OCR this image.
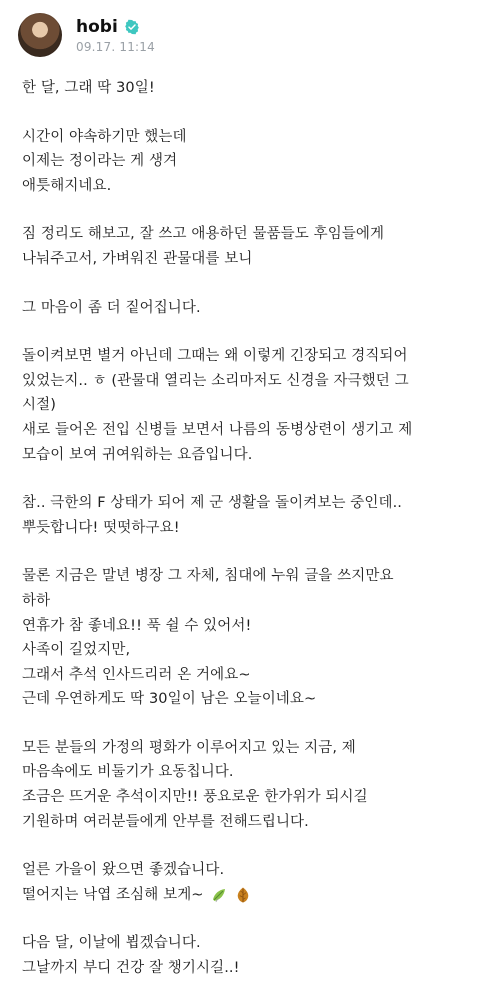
hobi
09.17. 11:14
한 달, 그래 딱 30일!
시간이 야속하기만 했는데
이제는 정이라는 게 생겨
애틋해지네요.
짐 정리도 해보고, 잘 쓰고 애용하던 물품들도 후임들에게
나눠주고서, 가벼워진 관물대를 보니
그 마음이 좀 더 짙어집니다.
돌이켜보면 별거 아닌데 그때는 왜 이렇게 긴장되고 경직되어
있었는지.. ㅎ (관물대 열리는 소리마저도 신경을 자극했던 그
시절)
새로 들어온 전입 신병들 보면서 나름의 동병상련이 생기고 제
모습이 보여 귀여워하는 요즘입니다.
참.. 극한의 F 상태가 되어 제 군 생활을 돌이켜보는 중인데..
뿌듯합니다! 떳떳하구요!
물론 지금은 말년 병장 그 자체, 침대에 누워 글을 쓰지만요
하하
연휴가 참 좋네요!! 푹 쉴 수 있어서!
사족이 길었지만,
그래서 추석 인사드리러 온 거에요~
근데 우연하게도 딱 30일이 남은 오늘이네요~
모든 분들의 가정의 평화가 이루어지고 있는 지금, 제
마음속에도 비둘기가 요동칩니다.
조금은 뜨거운 추석이지만!! 풍요로운 한가위가 되시길
기원하며 여러분들에게 안부를 전해드립니다.
얼른 가을이 왔으면 좋겠습니다.
떨어지는 낙엽 조심해 보게~
다음 달, 이날에 뵙겠습니다.
그날까지 부디 건강 잘 챙기시길..!
